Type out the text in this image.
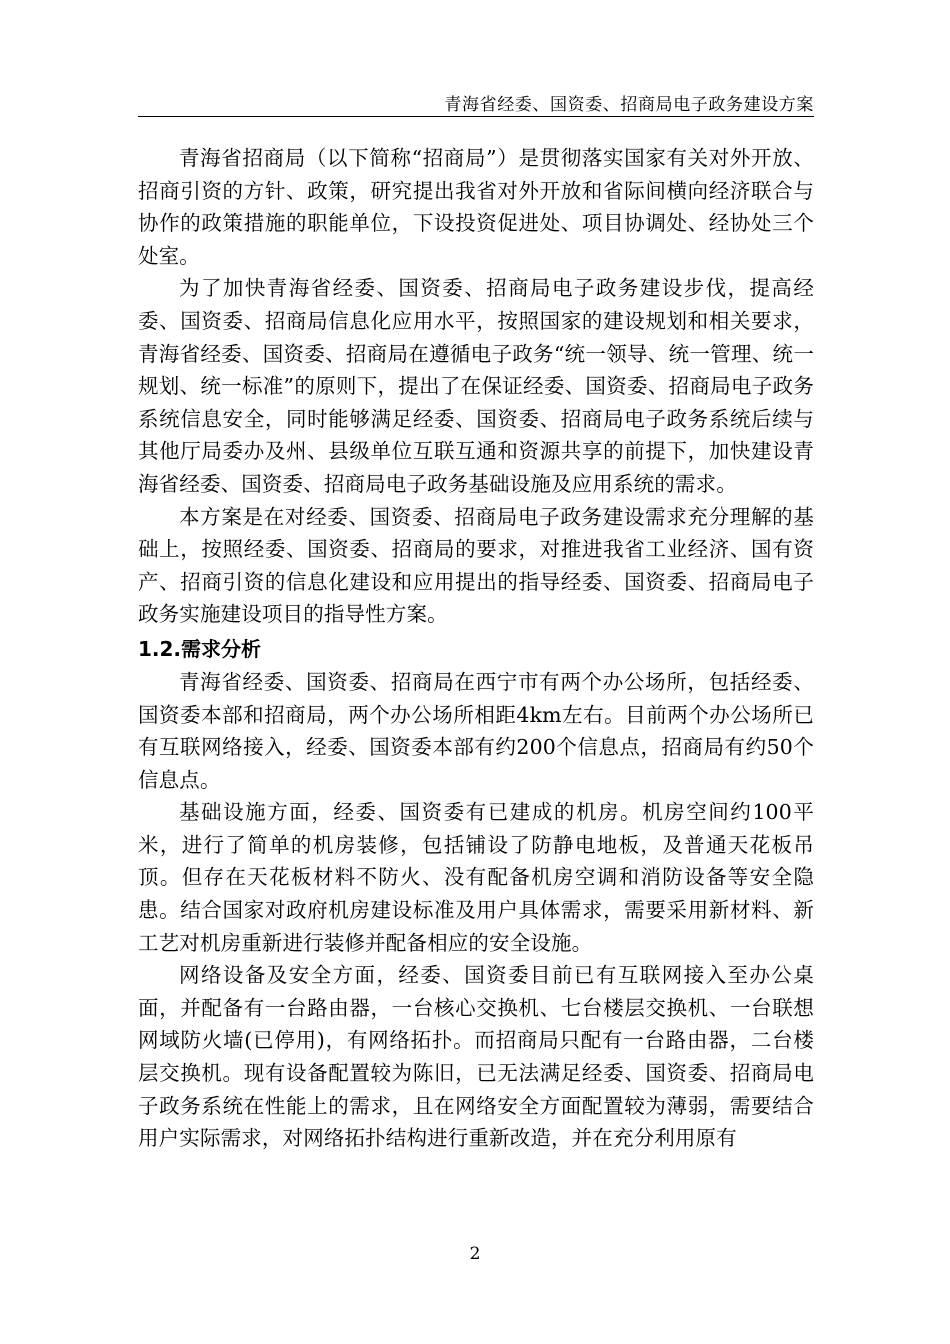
青海省经委、国资委、招商局电子政务建设方案

青海省招商局（以下简称“招商局”）是贯彻落实国家有关对外开放、招商引资的方针、政策，研究提出我省对外开放和省际间横向经济联合与协作的政策措施的职能单位，下设投资促进处、项目协调处、经协处三个处室。

为了加快青海省经委、国资委、招商局电子政务建设步伐，提高经委、国资委、招商局信息化应用水平，按照国家的建设规划和相关要求，青海省经委、国资委、招商局在遵循电子政务“统一领导、统一管理、统一规划、统一标准”的原则下，提出了在保证经委、国资委、招商局电子政务系统信息安全，同时能够满足经委、国资委、招商局电子政务系统后续与其他厅局委办及州、县级单位互联互通和资源共享的前提下，加快建设青海省经委、国资委、招商局电子政务基础设施及应用系统的需求。

本方案是在对经委、国资委、招商局电子政务建设需求充分理解的基础上，按照经委、国资委、招商局的要求，对推进我省工业经济、国有资产、招商引资的信息化建设和应用提出的指导经委、国资委、招商局电子政务实施建设项目的指导性方案。

1.2.需求分析

青海省经委、国资委、招商局在西宁市有两个办公场所，包括经委、国资委本部和招商局，两个办公场所相距4km左右。目前两个办公场所已有互联网络接入，经委、国资委本部有约200个信息点，招商局有约50个信息点。

基础设施方面，经委、国资委有已建成的机房。机房空间约100平米，进行了简单的机房装修，包括铺设了防静电地板，及普通天花板吊顶。但存在天花板材料不防火、没有配备机房空调和消防设备等安全隐患。结合国家对政府机房建设标准及用户具体需求，需要采用新材料、新工艺对机房重新进行装修并配备相应的安全设施。

网络设备及安全方面，经委、国资委目前已有互联网接入至办公桌面，并配备有一台路由器，一台核心交换机、七台楼层交换机、一台联想网域防火墙(已停用)，有网络拓扑。而招商局只配有一台路由器，二台楼层交换机。现有设备配置较为陈旧，已无法满足经委、国资委、招商局电子政务系统在性能上的需求，且在网络安全方面配置较为薄弱，需要结合用户实际需求，对网络拓扑结构进行重新改造，并在充分利用原有

2
